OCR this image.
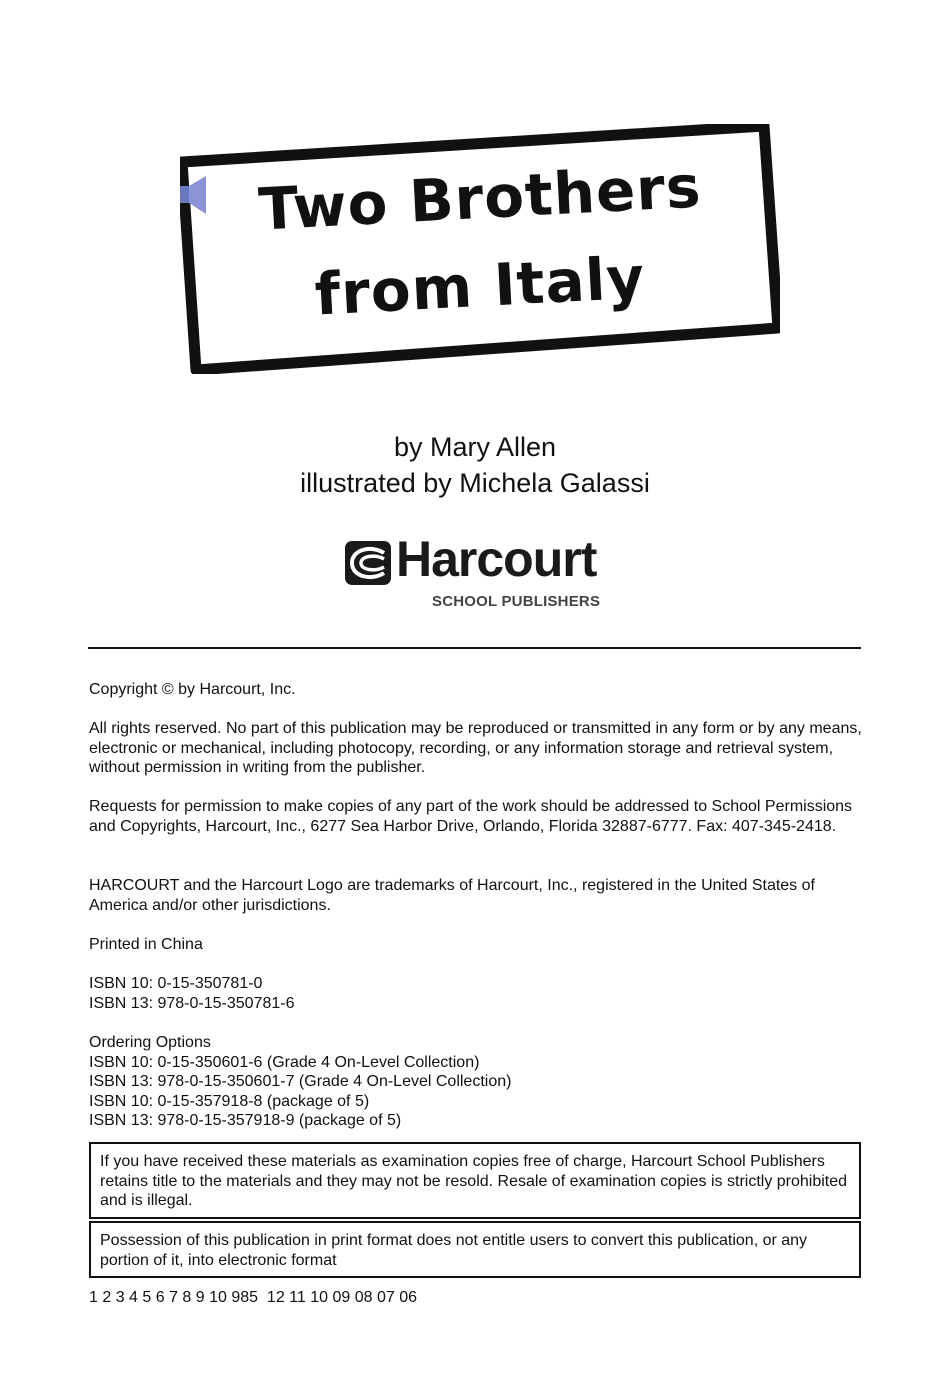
Two Brothers
from Italy
by Mary Allen
illustrated by Michela Galassi
Harcourt
SCHOOL PUBLISHERS
Copyright © by Harcourt, Inc.
All rights reserved. No part of this publication may be reproduced or transmitted in any form or by any means, electronic or mechanical, including photocopy, recording, or any information storage and retrieval system, without permission in writing from the publisher.
Requests for permission to make copies of any part of the work should be addressed to School Permissions and Copyrights, Harcourt, Inc., 6277 Sea Harbor Drive, Orlando, Florida 32887-6777. Fax: 407-345-2418.
HARCOURT and the Harcourt Logo are trademarks of Harcourt, Inc., registered in the United States of America and/or other jurisdictions.
Printed in China

ISBN 10: 0-15-350781-0

ISBN 13: 978-0-15-350781-6

Ordering Options

ISBN 10: 0-15-350601-6 (Grade 4 On-Level Collection)

ISBN 13: 978-0-15-350601-7 (Grade 4 On-Level Collection)

ISBN 10: 0-15-357918-8 (package of 5)

ISBN 13: 978-0-15-357918-9 (package of 5)

If you have received these materials as examination copies free of charge, Harcourt School Publishers retains title to the materials and they may not be resold. Resale of examination copies is strictly prohibited and is illegal.
Possession of this publication in print format does not entitle users to convert this publication, or any portion of it, into electronic format
1 2 3 4 5 6 7 8 9 10 985  12 11 10 09 08 07 06
